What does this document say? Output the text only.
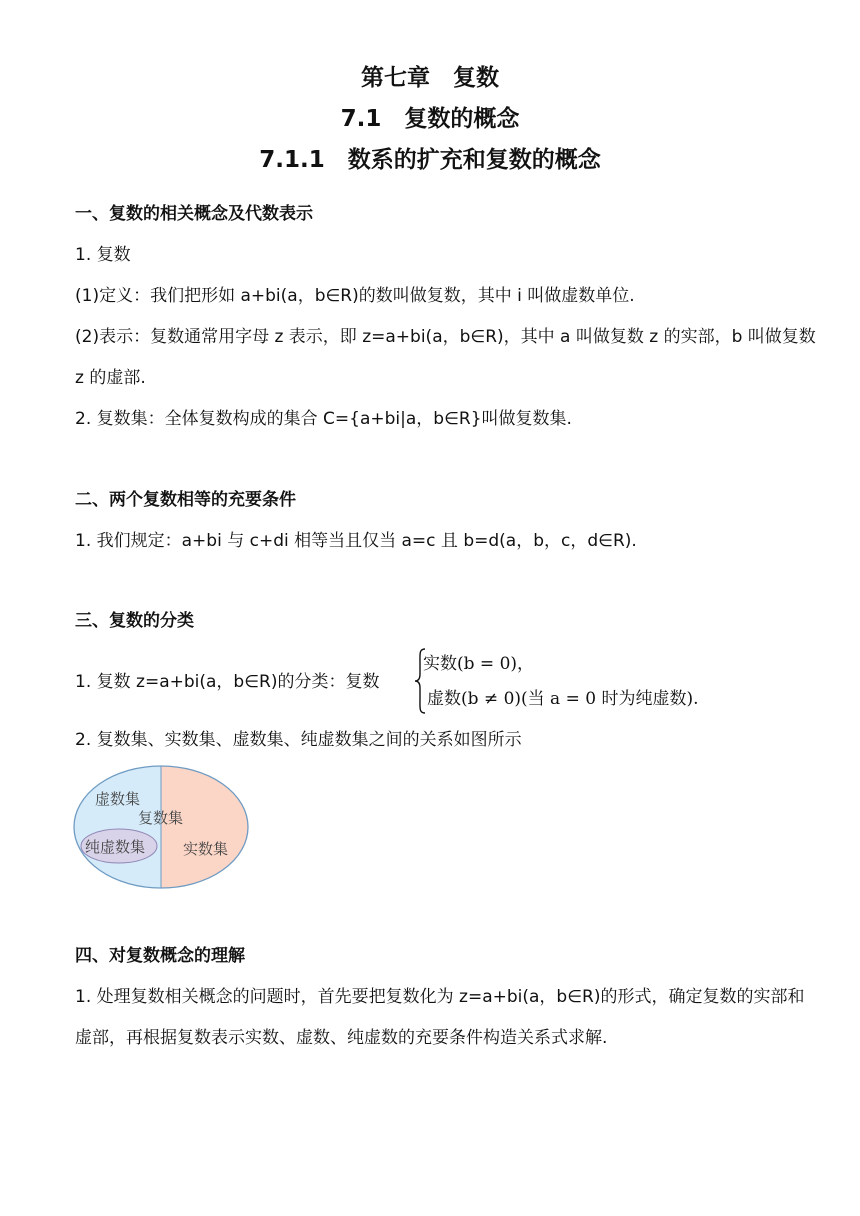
第七章　复数
7.1　复数的概念
7.1.1　数系的扩充和复数的概念
一、复数的相关概念及代数表示
1. 复数
(1)定义：我们把形如 a+bi(a，b∈R)的数叫做复数，其中 i 叫做虚数单位.
(2)表示：复数通常用字母 z 表示，即 z=a+bi(a，b∈R)，其中 a 叫做复数 z 的实部，b 叫做复数 z 的虚部.
2. 复数集：全体复数构成的集合 C={a+bi|a，b∈R}叫做复数集.
二、两个复数相等的充要条件
1. 我们规定：a+bi 与 c+di 相等当且仅当 a=c 且 b=d(a，b，c，d∈R).
三、复数的分类
1. 复数 z=a+bi(a，b∈R)的分类：复数
实数(b = 0)，
虚数(b ≠ 0)(当 a = 0 时为纯虚数).
2. 复数集、实数集、虚数集、纯虚数集之间的关系如图所示
虚数集
复数集
纯虚数集	实数集
四、对复数概念的理解
1. 处理复数相关概念的问题时，首先要把复数化为 z=a+bi(a，b∈R)的形式，确定复数的实部和虚部，再根据复数表示实数、虚数、纯虚数的充要条件构造关系式求解.
